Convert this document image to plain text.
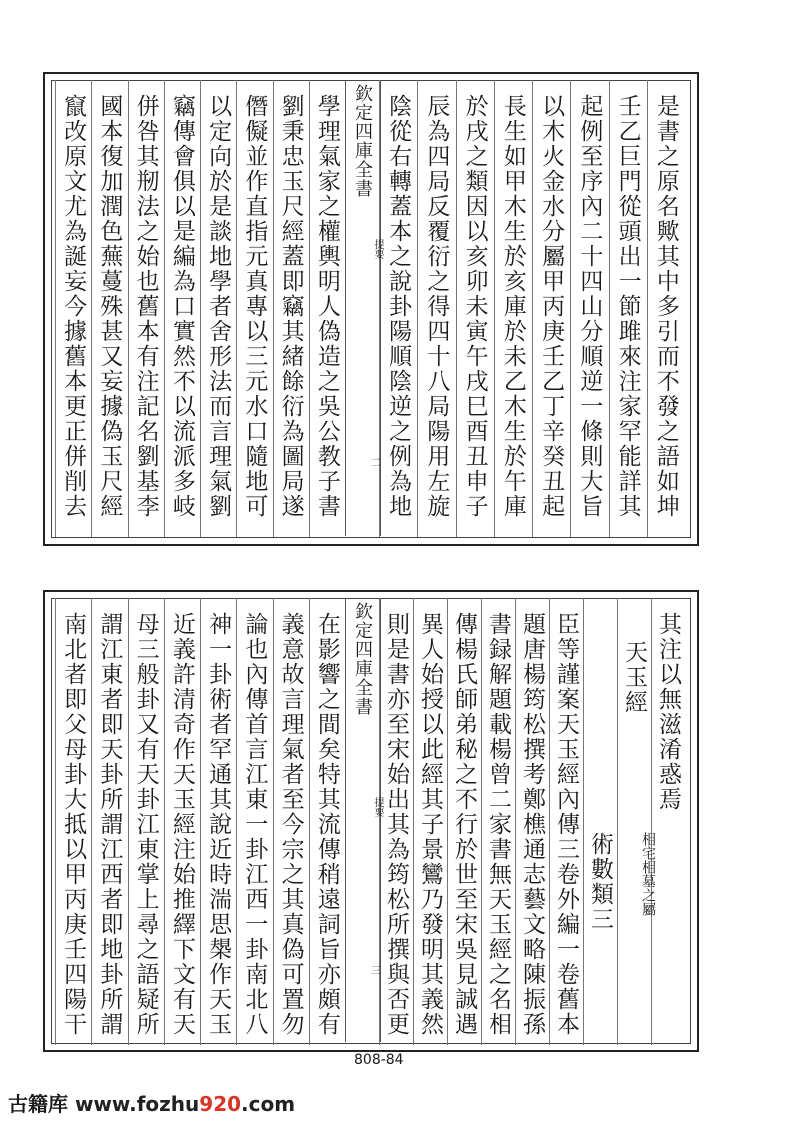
是書之原名歟其中多引而不發之語如坤
壬乙巨門從頭出一節雎來注家罕能詳其
起例至序內二十四山分順逆一條則大旨
以木火金水分屬甲丙庚壬乙丁辛癸丑起
長生如甲木生於亥庫於未乙木生於午庫
於戌之類因以亥卯未寅午戌巳酉丑申子
辰為四局反覆衍之得四十八局陽用左旋
陰從右轉蓋本之說卦陽順陰逆之例為地
學理氣家之權輿明人偽造之吳公教子書
劉秉忠玉尺經蓋即竊其緒餘衍為圖局遂
僭儗並作直指元真專以三元水口隨地可
以定向於是談地學者舍形法而言理氣劉
竊傳會俱以是編為口實然不以流派多岐
併咎其剏法之始也舊本有注記名劉基李
國本復加潤色蕪蔓殊甚又妄據偽玉尺經
竄改原文尤為誕妄今據舊本更正併削去	欽定四庫全書
提要
二
其注以無滋淆惑焉
天玉經
術數類三
臣等謹案天玉經內傳三卷外編一卷舊本
題唐楊筠松撰考鄭樵通志藝文略陳振孫
書録解題載楊曾二家書無天玉經之名相
傳楊氏師弟秘之不行於世至宋吳見誠遇
異人始授以此經其子景鸞乃發明其義然
則是書亦至宋始出其為筠松所撰與否更
在影響之間矣特其流傳稍遠詞旨亦頗有
義意故言理氣者至今宗之其真偽可置勿
論也內傳首言江東一卦江西一卦南北八
神一卦術者罕通其說近時湍思槼作天玉
近義許清奇作天玉經注始推繹下文有天
母三般卦又有天卦江東掌上尋之語疑所
謂江東者即天卦所謂江西者即地卦所謂
南北者即父母卦大抵以甲丙庚壬四陽干	欽定四庫全書
提要
三
相宅相墓之屬
808-84
古籍库 www.fozhu920.com
